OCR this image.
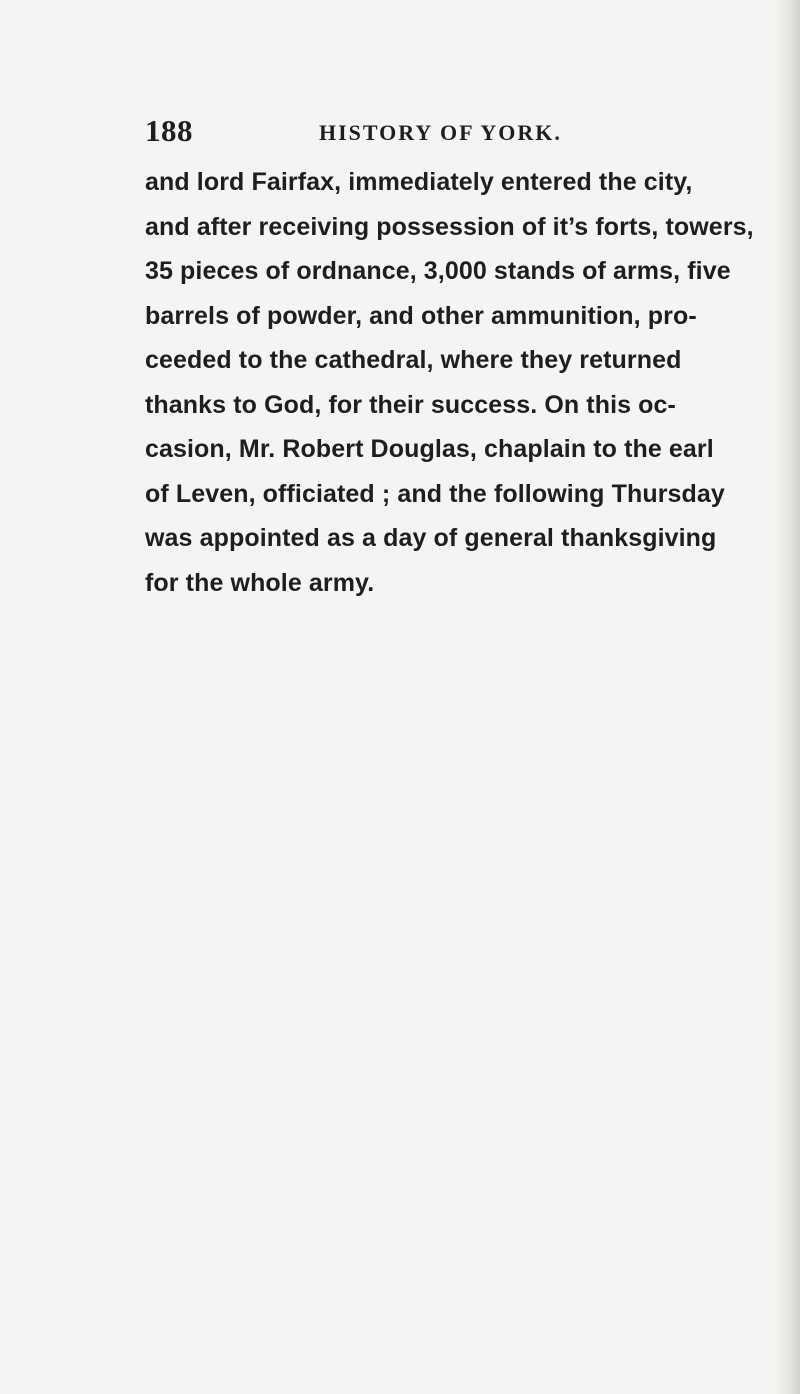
188	HISTORY OF YORK.
and lord Fairfax, immediately entered the city,
and after receiving possession of it’s forts, towers,
35 pieces of ordnance, 3,000 stands of arms, five
barrels of powder, and other ammunition, pro-
ceeded to the cathedral, where they returned
thanks to God, for their success. On this oc-
casion, Mr. Robert Douglas, chaplain to the earl
of Leven, officiated ; and the following Thursday
was appointed as a day of general thanksgiving
for the whole army.
